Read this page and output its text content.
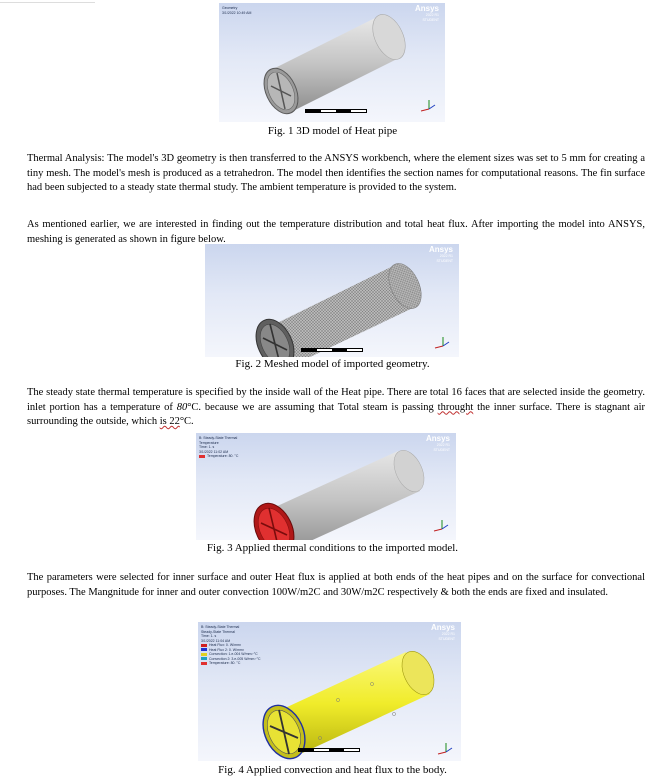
Geometry
3/1/2022 10:49 AM	Ansys
2022 R1
STUDENT

Fig. 1 3D model of Heat pipe

Thermal Analysis: The model's 3D geometry is then transferred to the ANSYS workbench, where the element sizes was set to 5 mm for creating a tiny mesh. The model's mesh is produced as a tetrahedron. The model then identifies the section names for computational reasons. The fin surface had been subjected to a steady state thermal study. The ambient temperature is provided to the system.

As mentioned earlier, we are interested in finding out the temperature distribution and total heat flux. After importing the model into ANSYS, meshing is generated as shown in figure below.

Ansys
2022 R1
STUDENT

Fig. 2 Meshed model of imported geometry.

The steady state thermal temperature is specified by the inside wall of the Heat pipe. There are total 16 faces that are selected inside the geometry. inlet portion has a temperature of 80°C. because we are assuming that Total steam is passing throught the inner surface. There is stagnant air surrounding the outside, which is 22°C.

B: Steady-State Thermal
Temperature
Time: 1. s
3/1/2022 11:02 AM
Temperature: 80. °C
Ansys
2022 R1
STUDENT

Fig. 3 Applied thermal conditions to the imported model.

The parameters were selected for inner surface and outer Heat flux is applied at both ends of the heat pipes and on the surface for convectional purposes. The Mangnitude for inner and outer convection 100W/m2C and 30W/m2C respectively & both the ends are fixed and insulated.

B: Steady-State Thermal
Steady-State Thermal
Time: 1. s
3/1/2022 11:04 AM
Heat Flux: 0. W/mm²
Heat Flux 2: 0. W/mm²
Convection: 1.e-004 W/mm²·°C
Convection 2: 3.e-005 W/mm²·°C
Temperature: 80. °C
Ansys
2022 R1
STUDENT

Fig. 4 Applied convection and heat flux to the body.
